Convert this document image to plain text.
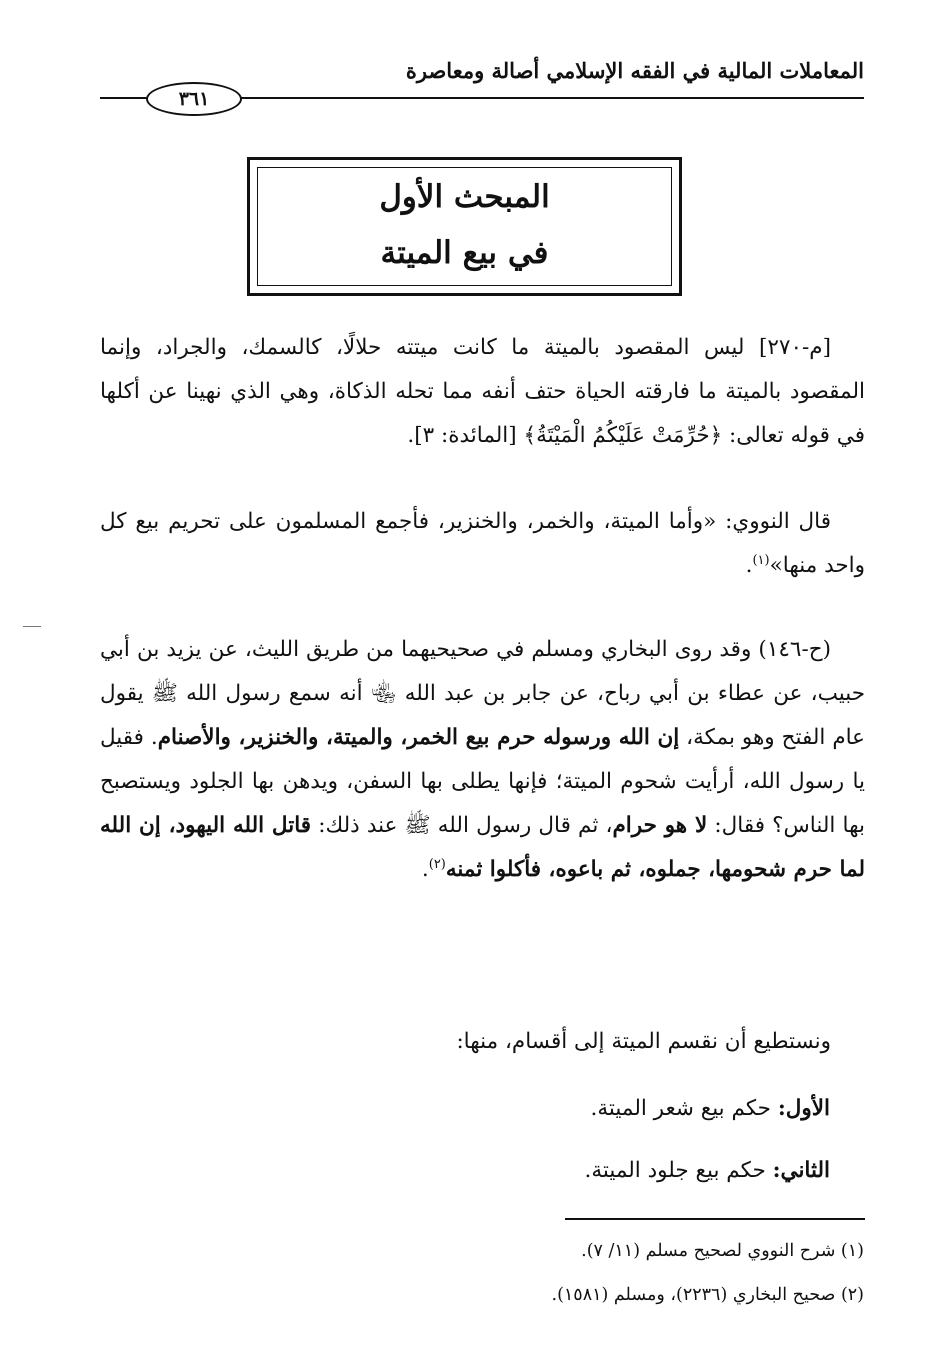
المعاملات المالية في الفقه الإسلامي أصالة ومعاصرة
٣٦١
المبحث الأول
في بيع الميتة
[م-٢٧٠] ليس المقصود بالميتة ما كانت ميتته حلالًا، كالسمك، والجراد، وإنما المقصود بالميتة ما فارقته الحياة حتف أنفه مما تحله الذكاة، وهي الذي نهينا عن أكلها في قوله تعالى: ﴿حُرِّمَتْ عَلَيْكُمُ الْمَيْتَةُ﴾ [المائدة: ٣].
قال النووي: «وأما الميتة، والخمر، والخنزير، فأجمع المسلمون على تحريم بيع كل واحد منها»$^{(١)}$.
(ح-١٤٦) وقد روى البخاري ومسلم في صحيحيهما من طريق الليث، عن يزيد بن أبي حبيب، عن عطاء بن أبي رباح، عن جابر بن عبد الله ﵄ أنه سمع رسول الله ﷺ يقول عام الفتح وهو بمكة، إن الله ورسوله حرم بيع الخمر، والميتة، والخنزير، والأصنام. فقيل يا رسول الله، أرأيت شحوم الميتة؛ فإنها يطلى بها السفن، ويدهن بها الجلود ويستصبح بها الناس؟ فقال: لا هو حرام، ثم قال رسول الله ﷺ عند ذلك: قاتل الله اليهود، إن الله لما حرم شحومها، جملوه، ثم باعوه، فأكلوا ثمنه$^{(٢)}$.
ونستطيع أن نقسم الميتة إلى أقسام، منها:
الأول: حكم بيع شعر الميتة.
الثاني: حكم بيع جلود الميتة.
(١) شرح النووي لصحيح مسلم (١١/ ٧).
(٢) صحيح البخاري (٢٢٣٦)، ومسلم (١٥٨١).
